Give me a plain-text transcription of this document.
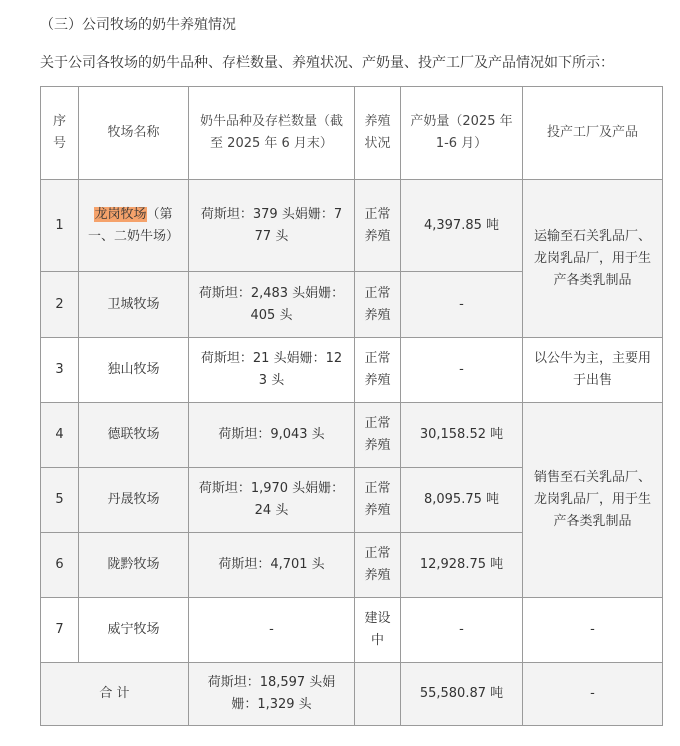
（三）公司牧场的奶牛养殖情况
关于公司各牧场的奶牛品种、存栏数量、养殖状况、产奶量、投产工厂及产品情况如下所示：
序号	牧场名称	奶牛品种及存栏数量（截至 2025 年 6 月末）	养殖状况	产奶量（2025 年 1-6 月）	投产工厂及产品
1	龙岗牧场（第一、二奶牛场）	荷斯坦：379 头娟姗：777 头	正常养殖	4,397.85 吨	运输至石关乳品厂、龙岗乳品厂，用于生产各类乳制品
2	卫城牧场	荷斯坦：2,483 头娟姗：405 头	正常养殖	-	
3	独山牧场	荷斯坦：21 头娟姗：123 头	正常养殖	-	以公牛为主，主要用于出售
4	德联牧场	荷斯坦：9,043 头	正常养殖	30,158.52 吨	销售至石关乳品厂、龙岗乳品厂，用于生产各类乳制品
5	丹晟牧场	荷斯坦：1,970 头娟姗：24 头	正常养殖	8,095.75 吨	
6	陇黔牧场	荷斯坦：4,701 头	正常养殖	12,928.75 吨	
7	威宁牧场	-	建设中	-	-
合 计		荷斯坦：18,597 头娟姗：1,329 头		55,580.87 吨	-
